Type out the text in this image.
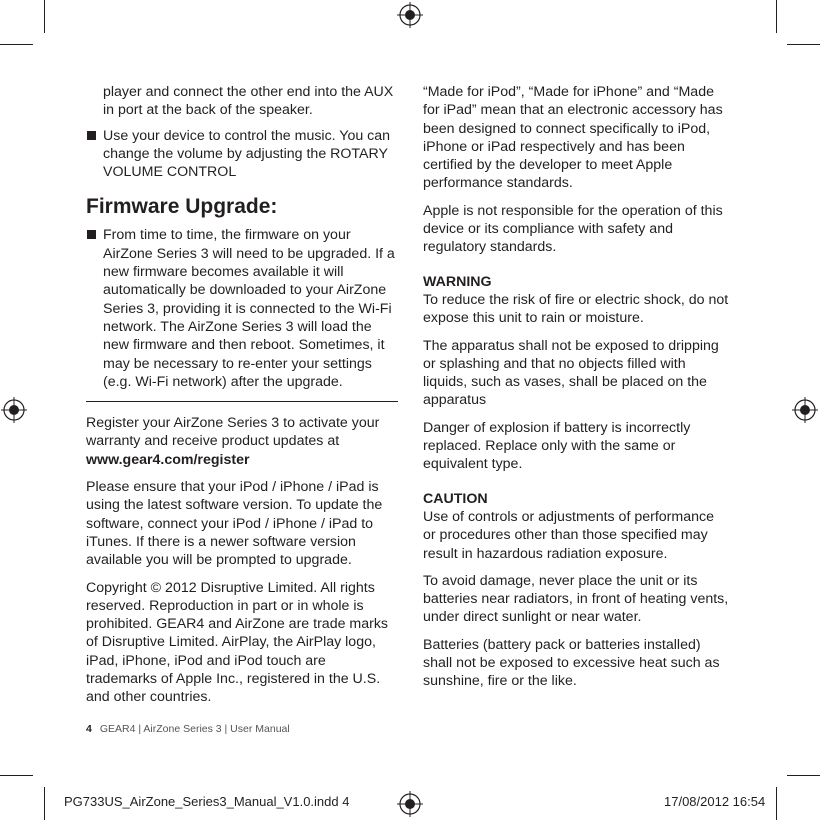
player and connect the other end into the AUX in port at the back of the speaker.
Use your device to control the music. You can change the volume by adjusting the ROTARY VOLUME CONTROL
Firmware Upgrade:
From time to time, the firmware on your AirZone Series 3 will need to be upgraded. If a new firmware becomes available it will automatically be downloaded to your AirZone Series 3, providing it is connected to the Wi-Fi network. The AirZone Series 3 will load the new firmware and then reboot. Sometimes, it may be necessary to re-enter your settings (e.g. Wi-Fi network) after the upgrade.

Register your AirZone Series 3 to activate your warranty and receive product updates at
www.gear4.com/register

Please ensure that your iPod / iPhone / iPad is using the latest software version. To update the software, connect your iPod / iPhone / iPad to iTunes. If there is a newer software version available you will be prompted to upgrade.

Copyright © 2012 Disruptive Limited. All rights reserved. Reproduction in part or in whole is prohibited. GEAR4 and AirZone are trade marks of Disruptive Limited. AirPlay, the AirPlay logo, iPad, iPhone, iPod and iPod touch are trademarks of Apple Inc., registered in the U.S. and other countries.

“Made for iPod”, “Made for iPhone” and “Made for iPad” mean that an electronic accessory has been designed to connect specifically to iPod, iPhone or iPad respectively and has been certified by the developer to meet Apple performance standards.

Apple is not responsible for the operation of this device or its compliance with safety and regulatory standards.

WARNING

To reduce the risk of fire or electric shock, do not expose this unit to rain or moisture.

The apparatus shall not be exposed to dripping or splashing and that no objects filled with liquids, such as vases, shall be placed on the apparatus

Danger of explosion if battery is incorrectly replaced. Replace only with the same or equivalent type.

CAUTION

Use of controls or adjustments of performance or procedures other than those specified may result in hazardous radiation exposure.

To avoid damage, never place the unit or its batteries near radiators, in front of heating vents, under direct sunlight or near water.

Batteries (battery pack or batteries installed) shall not be exposed to excessive heat such as sunshine, fire or the like.

4 GEAR4 | AirZone Series 3 | User Manual
PG733US_AirZone_Series3_Manual_V1.0.indd 4	17/08/2012 16:54
